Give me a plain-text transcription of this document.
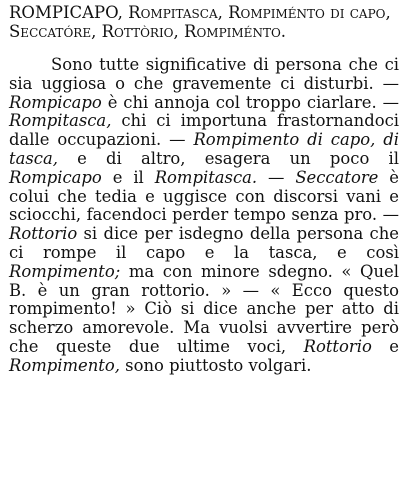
ROMPICAPO, Rompitasca, Rompiménto di capo, Seccatóre, Rottòrio, Rompiménto.

Sono tutte significative di persona che ci sia uggiosa o che gravemente ci disturbi. — Rompicapo è chi annoja col troppo ciarlare. — Rompitasca, chi ci importuna frastornandoci dalle occupazioni. — Rompimento di capo, di tasca, e di altro, esagera un poco il Rompicapo e il Rompitasca. — Seccatore è colui che tedia e uggisce con discorsi vani e sciocchi, facendoci perder tempo senza pro. — Rottorio si dice per isdegno della persona che ci rompe il capo e la tasca, e così Rompimento; ma con minore sdegno. « Quel B. è un gran rottorio. » — « Ecco questo rompimento! » Ciò si dice anche per atto di scherzo amorevole. Ma vuolsi avvertire però che queste due ultime voci, Rottorio e Rompimento, sono piuttosto volgari.
